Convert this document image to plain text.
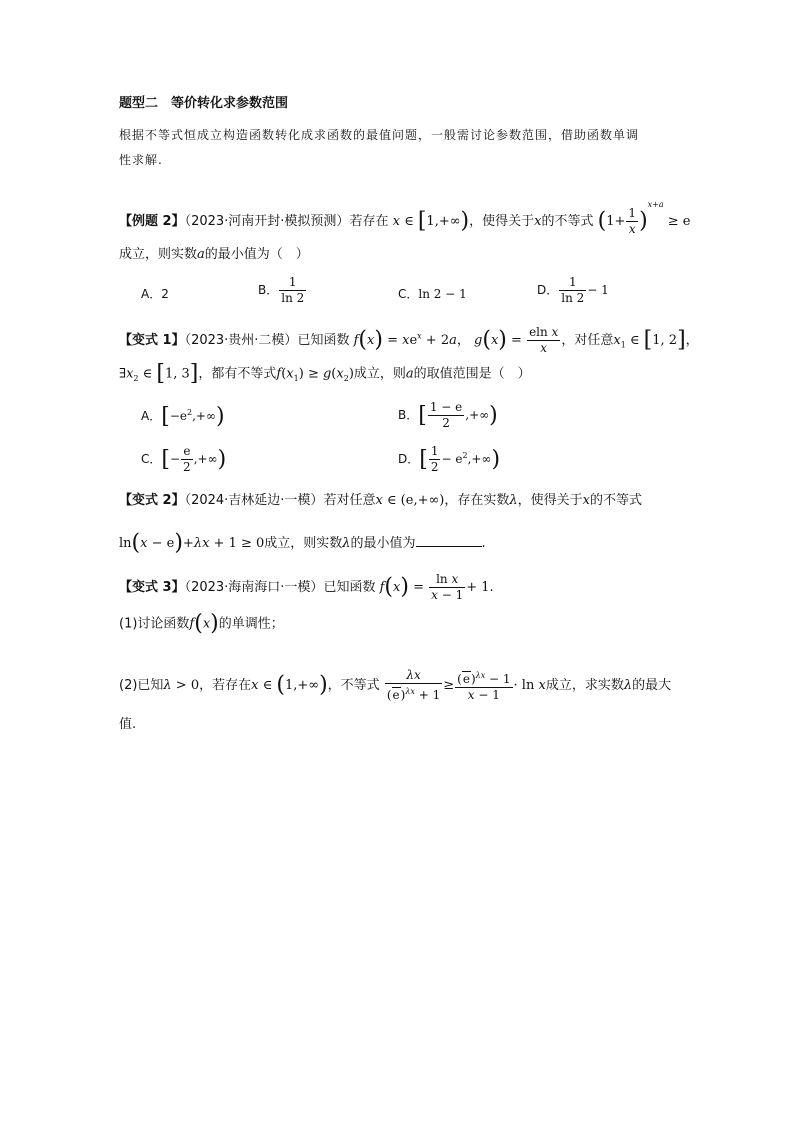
题型二　等价转化求参数范围
根据不等式恒成立构造函数转化成求函数的最值问题，一般需讨论参数范围，借助函数单调
性求解.
【例题 2】（2023·河南开封·模拟预测）若存在 x ∈ [1,+∞)，使得关于x的不等式 $(1+ \frac{1}{x} )^{x+a} \ge e$
成立，则实数a的最小值为（　）
A．2	B． $\frac{1}{\ln 2}$	C．ln 2 − 1	D． $\frac{1}{\ln 2} - 1$
【变式 1】（2023·贵州·二模）已知函数 $f(x) = xe^x + 2a$， $g(x) = \frac{\text{eln x}}{x}$ ，对任意$x_1$ ∈ [1, 2]，
$\exists x_2$ ∈ [1, 3]，都有不等式$f(x_1) \ge g(x_2)$成立，则a的取值范围是（　）
A．$[-e^2,+\infty)$	B．[ $\frac{1 - e}{2}$ ,+∞)
C．[− $\frac{e}{2}$ ,+∞)	D．[ $\frac{1}{2} - e^2,+\infty$)
【变式 2】（2024·吉林延边·一模）若对任意x ∈ (e,+∞)，存在实数λ，使得关于x的不等式
ln(x − e)+λx + 1 ≥ 0成立，则实数λ的最小值为	.
【变式 3】（2023·海南海口·一模）已知函数 $f(x) = \frac{\text{ln x}}{x - 1} + 1$.
(1)讨论函数f(x)的单调性；
(2)已知λ > 0，若存在x ∈ (1,+∞)，不等式 $\frac{\lambda x}{(e)^{\lambda x} + 1} \ge \frac{(e)^{\lambda x} - 1}{x - 1} \cdot \ln x$成立，求实数λ的最大
值.
